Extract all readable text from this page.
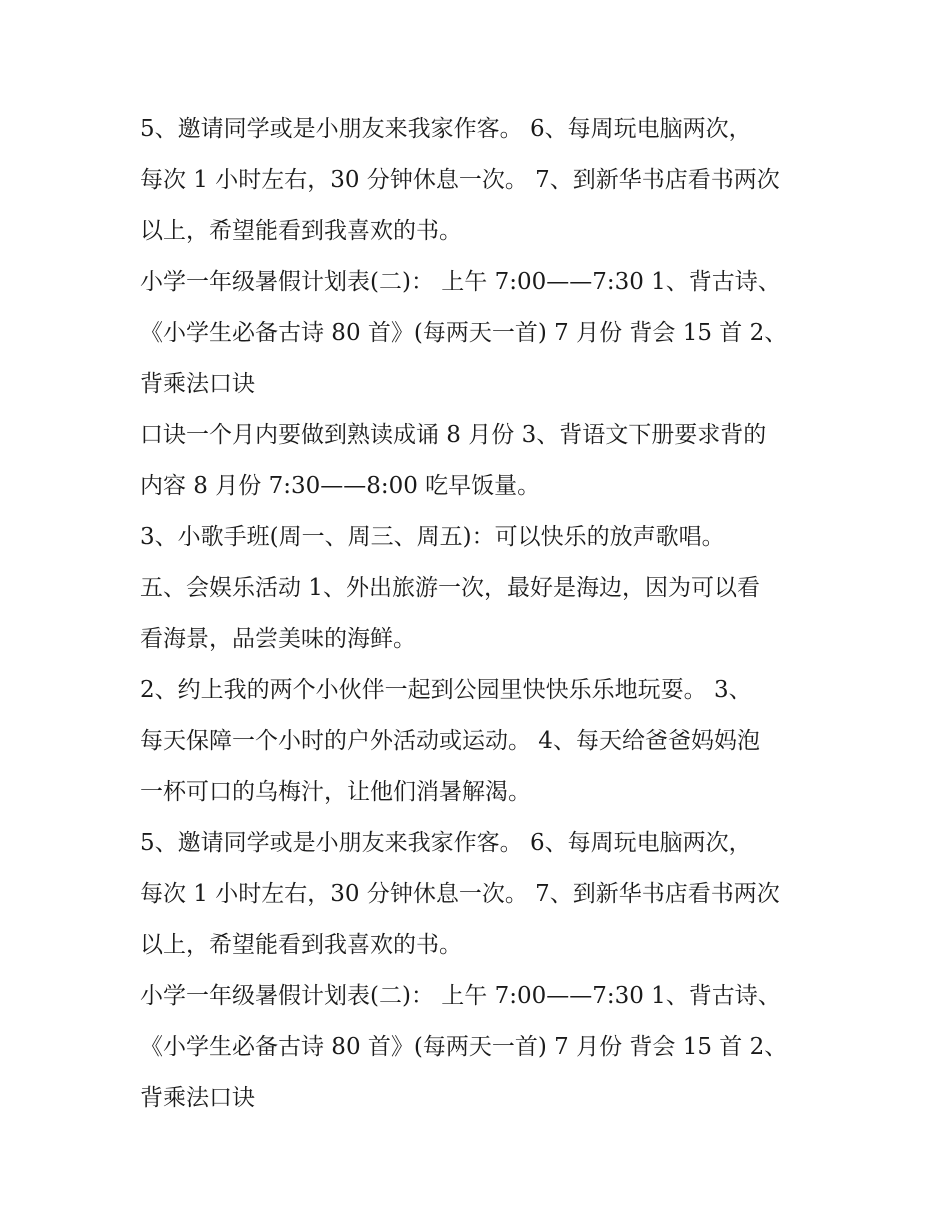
5、邀请同学或是小朋友来我家作客。 6、每周玩电脑两次，
每次 1 小时左右，30 分钟休息一次。 7、到新华书店看书两次
以上，希望能看到我喜欢的书。
小学一年级暑假计划表(二)： 上午 7:00——7:30 1、背古诗、
《小学生必备古诗 80 首》(每两天一首) 7 月份 背会 15 首 2、
背乘法口诀
口诀一个月内要做到熟读成诵 8 月份 3、背语文下册要求背的
内容 8 月份 7:30——8:00 吃早饭量。
3、小歌手班(周一、周三、周五)：可以快乐的放声歌唱。
五、会娱乐活动 1、外出旅游一次，最好是海边，因为可以看
看海景，品尝美味的海鲜。
2、约上我的两个小伙伴一起到公园里快快乐乐地玩耍。 3、
每天保障一个小时的户外活动或运动。 4、每天给爸爸妈妈泡
一杯可口的乌梅汁，让他们消暑解渴。
5、邀请同学或是小朋友来我家作客。 6、每周玩电脑两次，
每次 1 小时左右，30 分钟休息一次。 7、到新华书店看书两次
以上，希望能看到我喜欢的书。
小学一年级暑假计划表(二)： 上午 7:00——7:30 1、背古诗、
《小学生必备古诗 80 首》(每两天一首) 7 月份 背会 15 首 2、
背乘法口诀
